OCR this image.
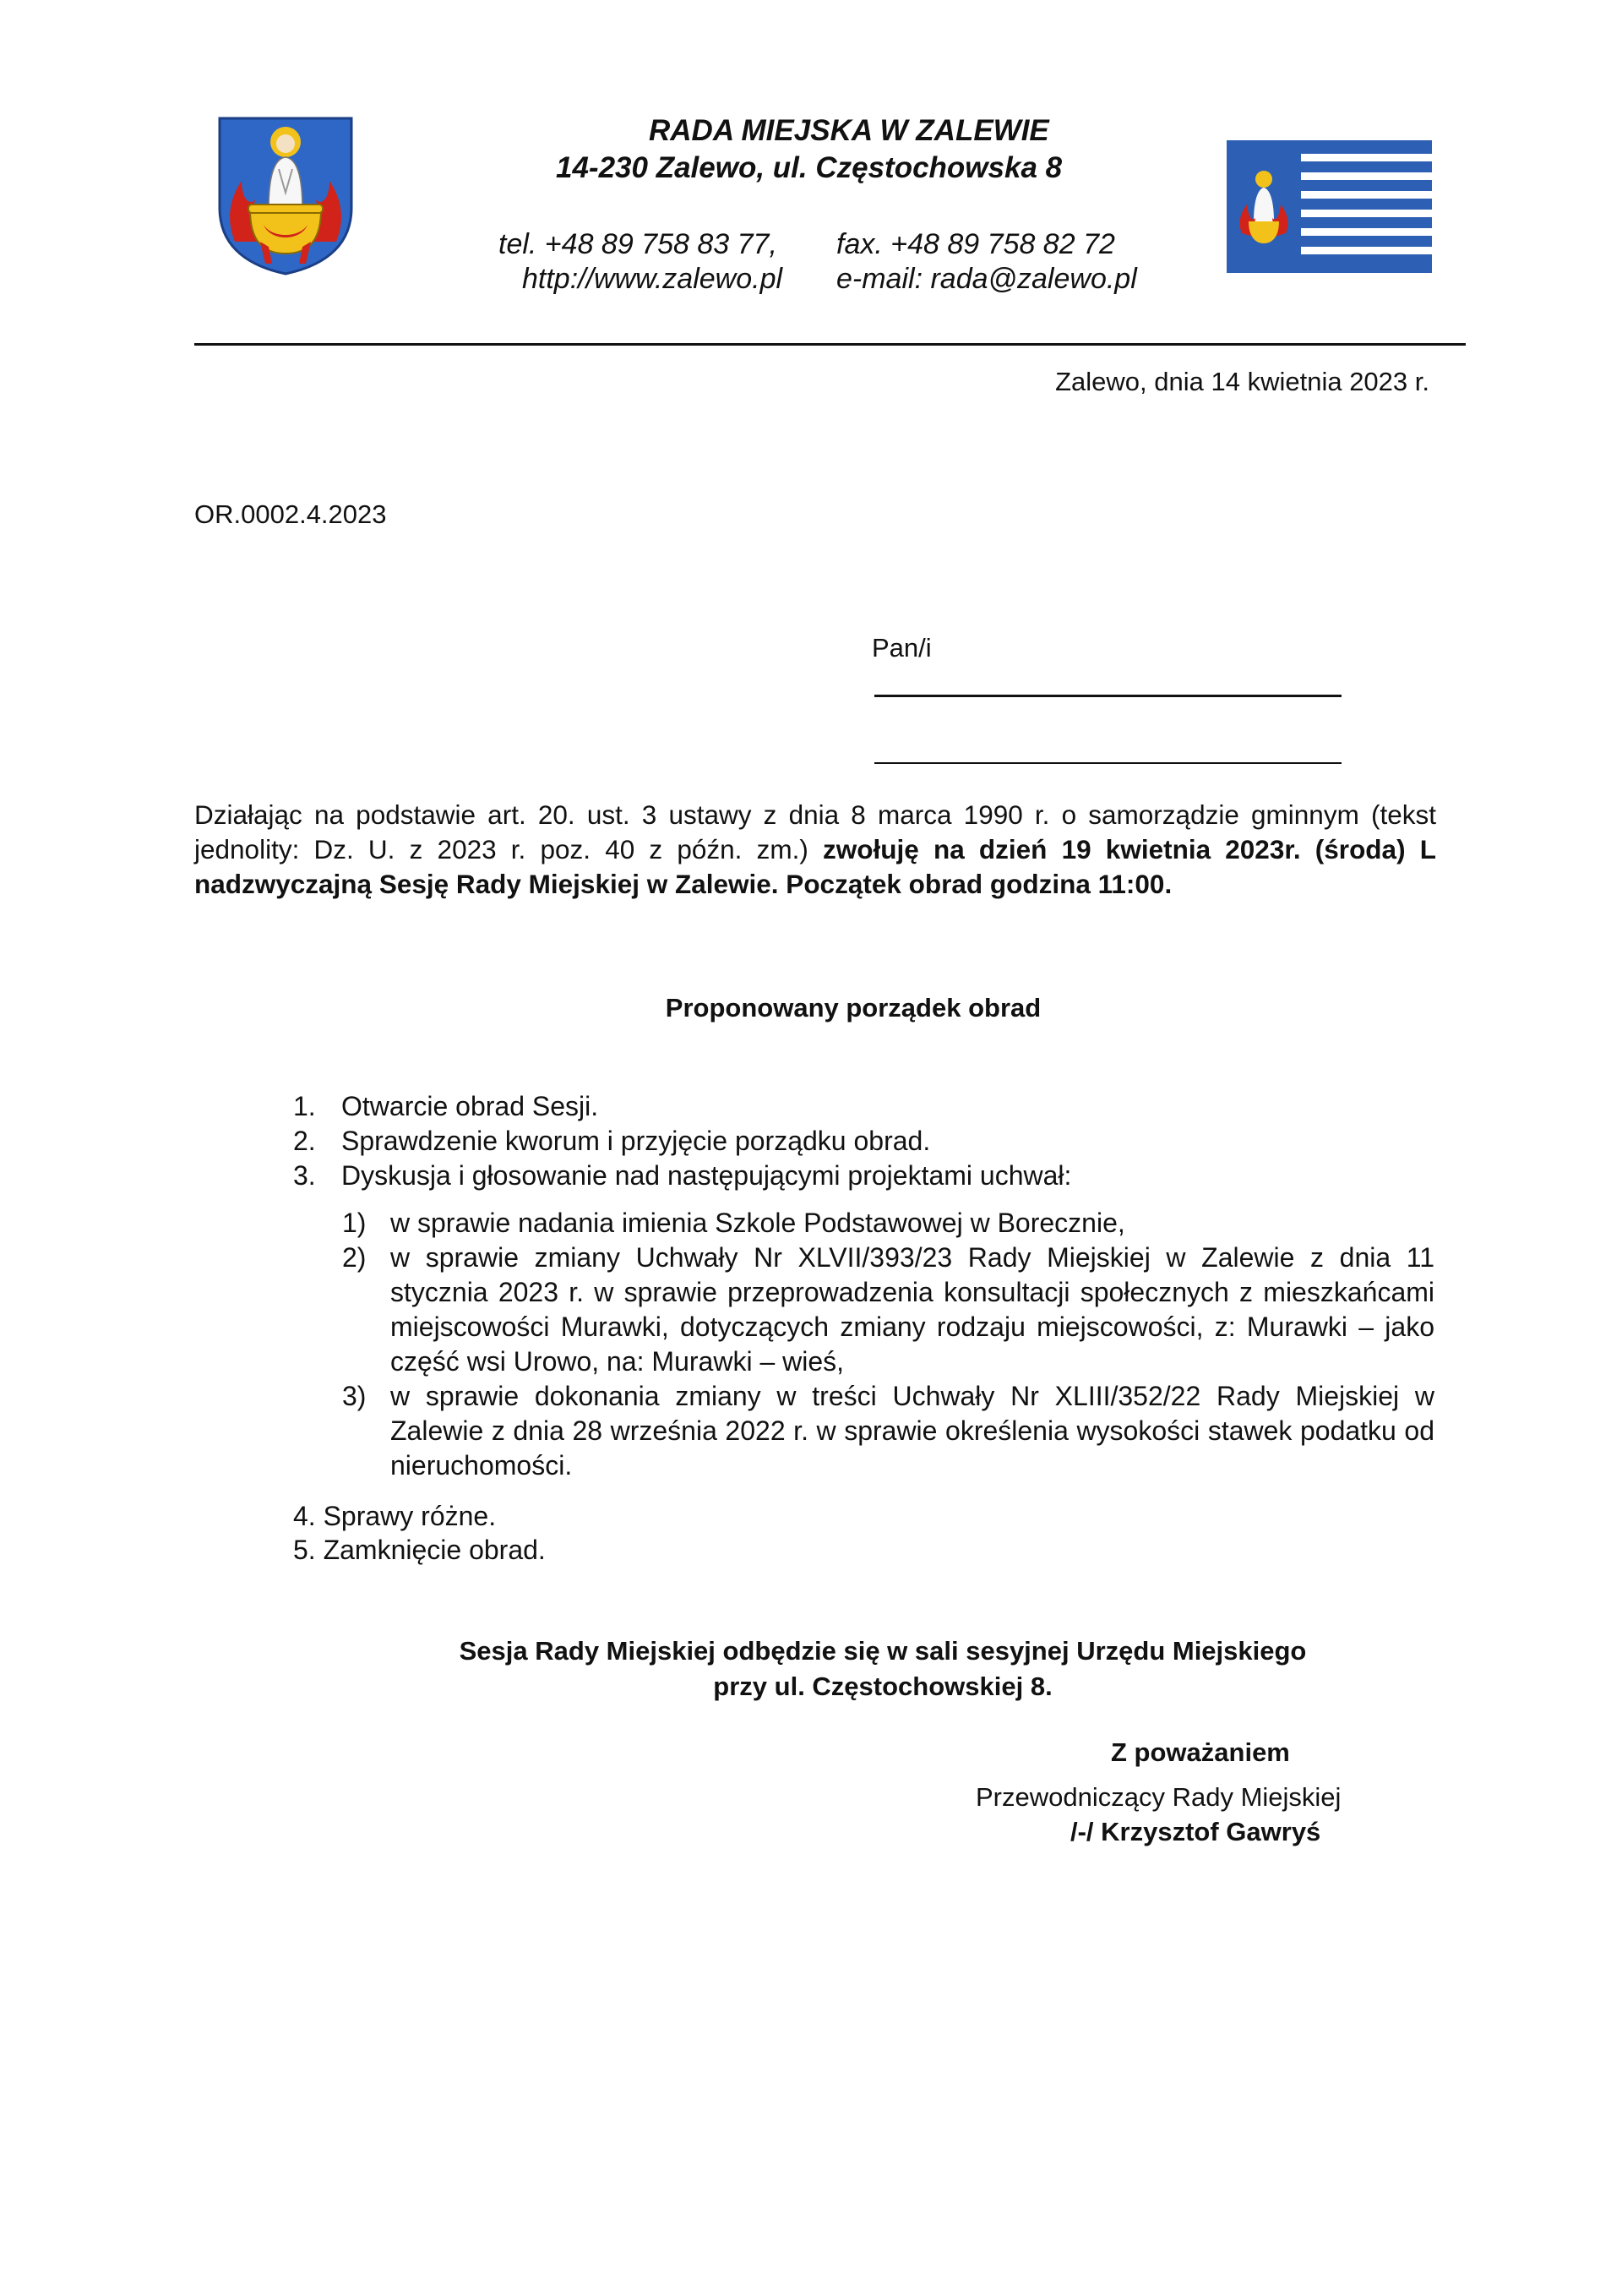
RADA MIEJSKA W ZALEWIE
14-230 Zalewo, ul. Częstochowska 8
tel. +48 89 758 83 77, fax. +48 89 758 82 72
http://www.zalewo.pl e-mail: rada@zalewo.pl
Zalewo, dnia 14 kwietnia 2023 r.
OR.0002.4.2023
Pan/i
Działając na podstawie art. 20. ust. 3 ustawy z dnia 8 marca 1990 r. o samorządzie gminnym (tekst jednolity: Dz. U. z 2023 r. poz. 40 z późn. zm.) zwołuję na dzień 19 kwietnia 2023r. (środa) L nadzwyczajną Sesję Rady Miejskiej w Zalewie. Początek obrad godzina 11:00.
Proponowany porządek obrad
1. Otwarcie obrad Sesji.
2. Sprawdzenie kworum i przyjęcie porządku obrad.
3. Dyskusja i głosowanie nad następującymi projektami uchwał:
1) w sprawie nadania imienia Szkole Podstawowej w Borecznie,
2) w sprawie zmiany Uchwały Nr XLVII/393/23 Rady Miejskiej w Zalewie z dnia 11 stycznia 2023 r. w sprawie przeprowadzenia konsultacji społecznych z mieszkańcami miejscowości Murawki, dotyczących zmiany rodzaju miejscowości, z: Murawki – jako część wsi Urowo, na: Murawki – wieś,
3) w sprawie dokonania zmiany w treści Uchwały Nr XLIII/352/22 Rady Miejskiej w Zalewie z dnia 28 września 2022 r. w sprawie określenia wysokości stawek podatku od nieruchomości.
4. Sprawy różne.
5. Zamknięcie obrad.
Sesja Rady Miejskiej odbędzie się w sali sesyjnej Urzędu Miejskiego
przy ul. Częstochowskiej 8.
Z poważaniem
Przewodniczący Rady Miejskiej
/-/ Krzysztof Gawryś
